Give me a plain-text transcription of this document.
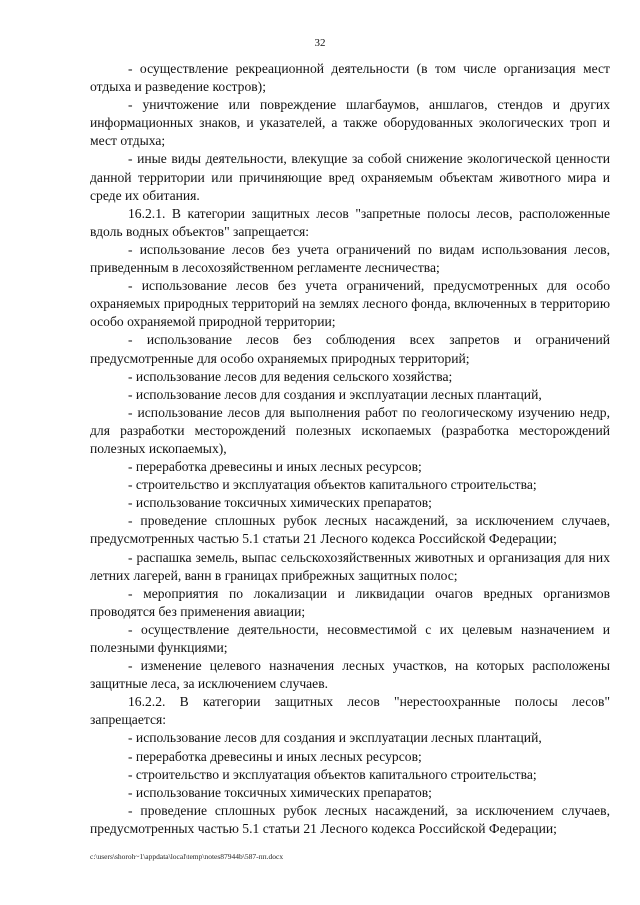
32

- осуществление рекреационной деятельности (в том числе организация мест отдыха и разведение костров);

- уничтожение или повреждение шлагбаумов, аншлагов, стендов и других информационных знаков, и указателей, а также оборудованных экологических троп и мест отдыха;

- иные виды деятельности, влекущие за собой снижение экологической ценности данной территории или причиняющие вред охраняемым объектам животного мира и среде их обитания.

16.2.1. В категории защитных лесов "запретные полосы лесов, расположенные вдоль водных объектов" запрещается:

- использование лесов без учета ограничений по видам использования лесов, приведенным в лесохозяйственном регламенте лесничества;

- использование лесов без учета ограничений, предусмотренных для особо охраняемых природных территорий на землях лесного фонда, включенных в территорию особо охраняемой природной территории;

- использование лесов без соблюдения всех запретов и ограничений предусмотренные для особо охраняемых природных территорий;

- использование лесов для ведения сельского хозяйства;

- использование лесов для создания и эксплуатации лесных плантаций,

- использование лесов для выполнения работ по геологическому изучению недр, для разработки месторождений полезных ископаемых (разработка месторождений полезных ископаемых),

- переработка древесины и иных лесных ресурсов;

- строительство и эксплуатация объектов капитального строительства;

- использование токсичных химических препаратов;

- проведение сплошных рубок лесных насаждений, за исключением случаев, предусмотренных частью 5.1 статьи 21 Лесного кодекса Российской Федерации;

- распашка земель, выпас сельскохозяйственных животных и организация для них летних лагерей, ванн в границах прибрежных защитных полос;

- мероприятия по локализации и ликвидации очагов вредных организмов проводятся без применения авиации;

- осуществление деятельности, несовместимой с их целевым назначением и полезными функциями;

- изменение целевого назначения лесных участков, на которых расположены защитные леса, за исключением случаев.

16.2.2. В категории защитных лесов "нерестоохранные полосы лесов" запрещается:

- использование лесов для создания и эксплуатации лесных плантаций,

- переработка древесины и иных лесных ресурсов;

- строительство и эксплуатация объектов капитального строительства;

- использование токсичных химических препаратов;

- проведение сплошных рубок лесных насаждений, за исключением случаев, предусмотренных частью 5.1 статьи 21 Лесного кодекса Российской Федерации;

c:\users\shoroh~1\appdata\local\temp\notes87944b\587-пп.docx
